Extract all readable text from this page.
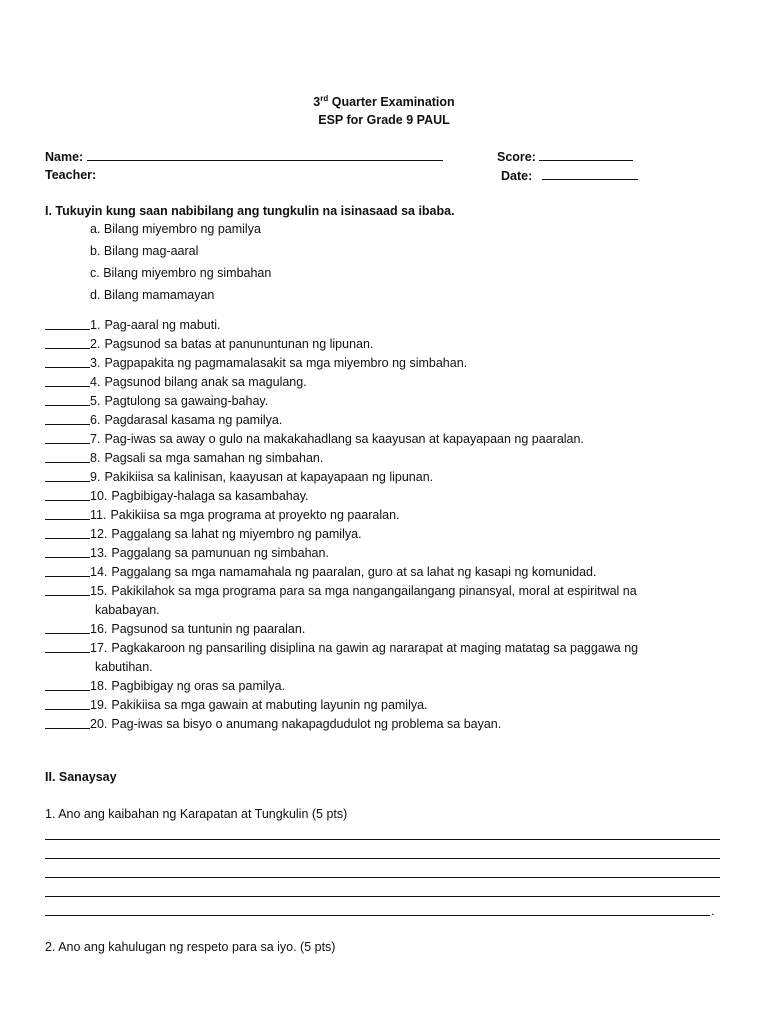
3rd Quarter Examination
ESP for Grade 9 PAUL
Name:	Score:
Teacher:	Date:
I. Tukuyin kung saan nabibilang ang tungkulin na isinasaad sa ibaba.
a. Bilang miyembro ng pamilya
b. Bilang mag-aaral
c. Bilang miyembro ng simbahan
d. Bilang mamamayan
1. Pag-aaral ng mabuti.
2. Pagsunod sa batas at panununtunan ng lipunan.
3. Pagpapakita ng pagmamalasakit sa mga miyembro ng simbahan.
4. Pagsunod bilang anak sa magulang.
5. Pagtulong sa gawaing-bahay.
6. Pagdarasal kasama ng pamilya.
7. Pag-iwas sa away o gulo na makakahadlang sa kaayusan at kapayapaan ng paaralan.
8. Pagsali sa mga samahan ng simbahan.
9. Pakikiisa sa kalinisan, kaayusan at kapayapaan ng lipunan.
10. Pagbibigay-halaga sa kasambahay.
11. Pakikiisa sa mga programa at proyekto ng paaralan.
12. Paggalang sa lahat ng miyembro ng pamilya.
13. Paggalang sa pamunuan ng simbahan.
14. Paggalang sa mga namamahala ng paaralan, guro at sa lahat ng kasapi ng komunidad.
15. Pakikilahok sa mga programa para sa mga nangangailangang pinansyal, moral at espiritwal na
kababayan.
16. Pagsunod sa tuntunin ng paaralan.
17. Pagkakaroon ng pansariling disiplina na gawin ag nararapat at maging matatag sa paggawa ng
kabutihan.
18. Pagbibigay ng oras sa pamilya.
19. Pakikiisa sa mga gawain at mabuting layunin ng pamilya.
20. Pag-iwas sa bisyo o anumang nakapagdudulot ng problema sa bayan.
II. Sanaysay
1. Ano ang kaibahan ng Karapatan at Tungkulin (5 pts)
.
2. Ano ang kahulugan ng respeto para sa iyo. (5 pts)
